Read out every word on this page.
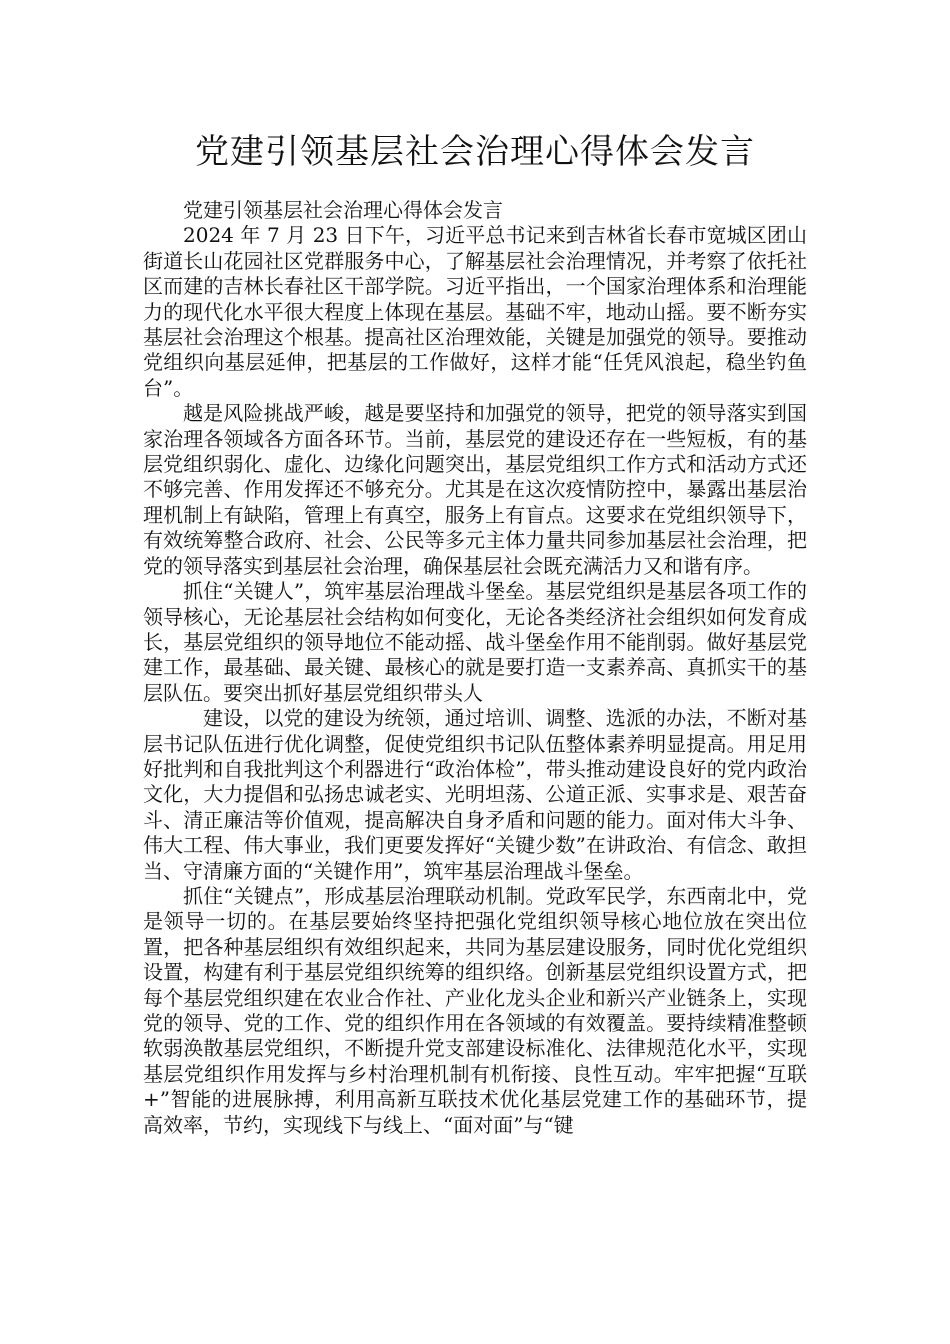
党建引领基层社会治理心得体会发言

党建引领基层社会治理心得体会发言

2024 年 7 月 23 日下午，习近平总书记来到吉林省长春市宽城区团山街道长山花园社区党群服务中心，了解基层社会治理情况，并考察了依托社区而建的吉林长春社区干部学院。习近平指出，一个国家治理体系和治理能力的现代化水平很大程度上体现在基层。基础不牢，地动山摇。要不断夯实基层社会治理这个根基。提高社区治理效能，关键是加强党的领导。要推动党组织向基层延伸，把基层的工作做好，这样才能“任凭风浪起，稳坐钓鱼台”。

越是风险挑战严峻，越是要坚持和加强党的领导，把党的领导落实到国家治理各领域各方面各环节。当前，基层党的建设还存在一些短板，有的基层党组织弱化、虚化、边缘化问题突出，基层党组织工作方式和活动方式还不够完善、作用发挥还不够充分。尤其是在这次疫情防控中，暴露出基层治理机制上有缺陷，管理上有真空，服务上有盲点。这要求在党组织领导下，有效统筹整合政府、社会、公民等多元主体力量共同参加基层社会治理，把党的领导落实到基层社会治理，确保基层社会既充满活力又和谐有序。

抓住“关键人”，筑牢基层治理战斗堡垒。基层党组织是基层各项工作的领导核心，无论基层社会结构如何变化，无论各类经济社会组织如何发育成长，基层党组织的领导地位不能动摇、战斗堡垒作用不能削弱。做好基层党建工作，最基础、最关键、最核心的就是要打造一支素养高、真抓实干的基层队伍。要突出抓好基层党组织带头人

建设，以党的建设为统领，通过培训、调整、选派的办法，不断对基层书记队伍进行优化调整，促使党组织书记队伍整体素养明显提高。用足用好批判和自我批判这个利器进行“政治体检”，带头推动建设良好的党内政治文化，大力提倡和弘扬忠诚老实、光明坦荡、公道正派、实事求是、艰苦奋斗、清正廉洁等价值观，提高解决自身矛盾和问题的能力。面对伟大斗争、伟大工程、伟大事业，我们更要发挥好“关键少数”在讲政治、有信念、敢担当、守清廉方面的“关键作用”，筑牢基层治理战斗堡垒。

抓住“关键点”，形成基层治理联动机制。党政军民学，东西南北中，党是领导一切的。在基层要始终坚持把强化党组织领导核心地位放在突出位置，把各种基层组织有效组织起来，共同为基层建设服务，同时优化党组织设置，构建有利于基层党组织统筹的组织络。创新基层党组织设置方式，把每个基层党组织建在农业合作社、产业化龙头企业和新兴产业链条上，实现党的领导、党的工作、党的组织作用在各领域的有效覆盖。要持续精准整顿软弱涣散基层党组织，不断提升党支部建设标准化、法律规范化水平，实现基层党组织作用发挥与乡村治理机制有机衔接、良性互动。牢牢把握“互联+”智能的进展脉搏，利用高新互联技术优化基层党建工作的基础环节，提高效率，节约，实现线下与线上、“面对面”与“键
